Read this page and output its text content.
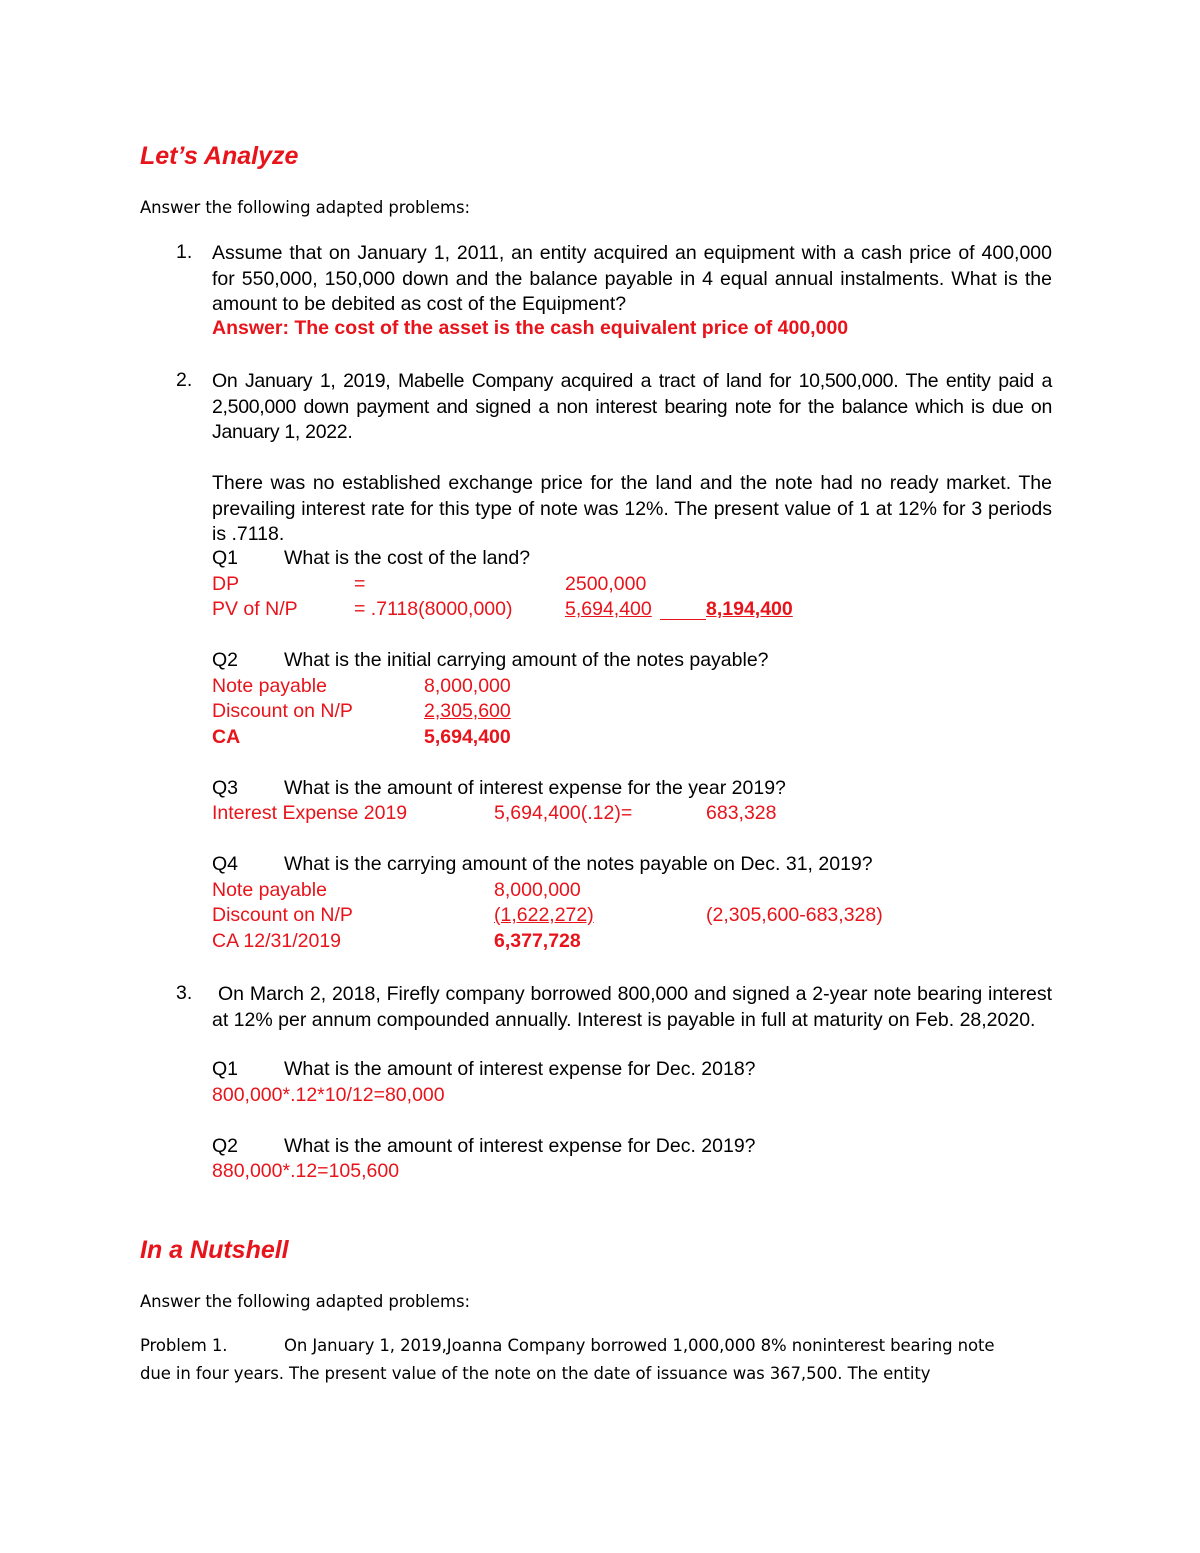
Let’s Analyze
Answer the following adapted problems:
1. Assume that on January 1, 2011, an entity acquired an equipment with a cash price of 400,000 for 550,000, 150,000 down and the balance payable in 4 equal annual instalments. What is the amount to be debited as cost of the Equipment?
Answer: The cost of the asset is the cash equivalent price of 400,000
2. On January 1, 2019, Mabelle Company acquired a tract of land for 10,500,000. The entity paid a 2,500,000 down payment and signed a non interest bearing note for the balance which is due on January 1, 2022.
There was no established exchange price for the land and the note had no ready market. The prevailing interest rate for this type of note was 12%. The present value of 1 at 12% for 3 periods is .7118.
Q1 What is the cost of the land?
DP	=	2500,000
PV of N/P	= .7118(8000,000)	5,694,400	8,194,400
Q2 What is the initial carrying amount of the notes payable?
Note payable	8,000,000
Discount on N/P	2,305,600
CA	5,694,400
Q3 What is the amount of interest expense for the year 2019?
Interest Expense 2019	5,694,400(.12)=	683,328
Q4 What is the carrying amount of the notes payable on Dec. 31, 2019?
Note payable	8,000,000
Discount on N/P	(1,622,272)	(2,305,600-683,328)
CA 12/31/2019	6,377,728
3.	On March 2, 2018, Firefly company borrowed 800,000 and signed a 2-year note bearing interest at 12% per annum compounded annually. Interest is payable in full at maturity on Feb. 28,2020.
Q1 What is the amount of interest expense for Dec. 2018?
800,000*.12*10/12=80,000
Q2 What is the amount of interest expense for Dec. 2019?
880,000*.12=105,600
In a Nutshell
Answer the following adapted problems:
Problem 1.	On January 1, 2019,Joanna Company borrowed 1,000,000 8% noninterest bearing note
due in four years. The present value of the note on the date of issuance was 367,500. The entity
